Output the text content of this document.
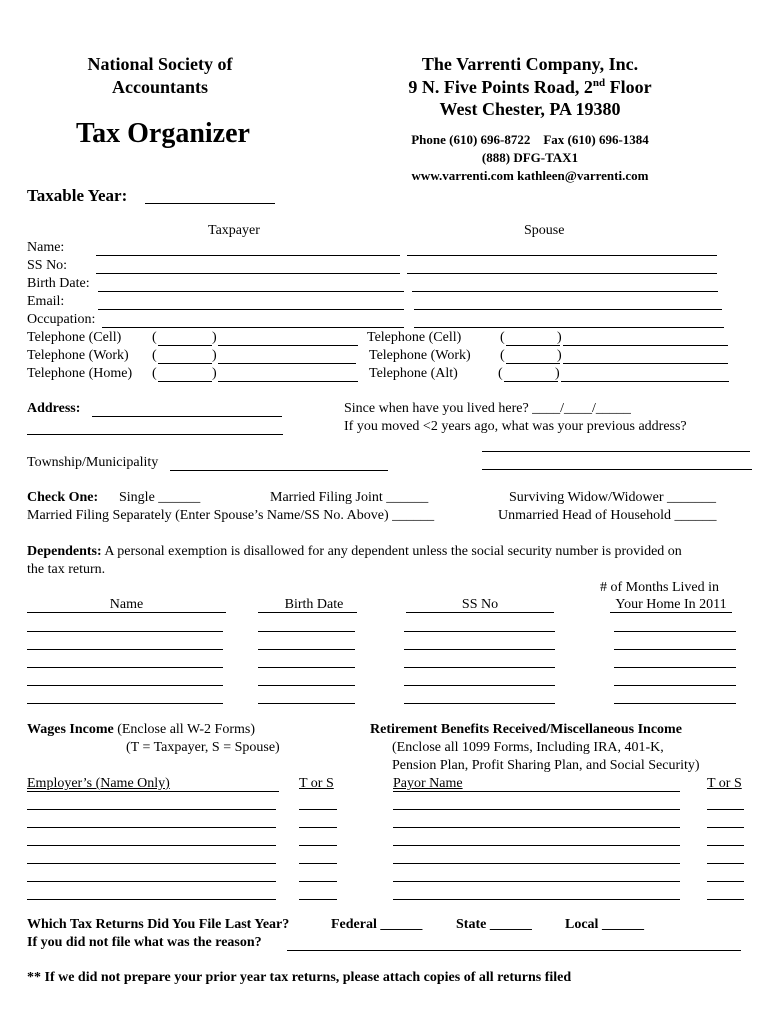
National Society of
Accountants
Tax Organizer
The Varrenti Company, Inc.
9 N. Five Points Road, 2nd Floor
West Chester, PA 19380
Phone (610) 696-8722    Fax (610) 696-1384
(888) DFG-TAX1
www.varrenti.com kathleen@varrenti.com
Taxable Year:
Taxpayer	Spouse
Name:
SS No:
Birth Date:
Email:
Occupation:
Telephone (Cell) (	)	Telephone (Cell)	(	)
Telephone (Work) (	)	Telephone (Work) (	)
Telephone (Home) (	)	Telephone (Alt)	(	)
Address:	Since when have you lived here? ____/____/_____
If you moved <2 years ago, what was your previous address?
Township/Municipality
Check One: Single ______	Married Filing Joint ______	Surviving Widow/Widower _______
Married Filing Separately (Enter Spouse’s Name/SS No. Above) ______	Unmarried Head of Household ______
Dependents: A personal exemption is disallowed for any dependent unless the social security number is provided on
the tax return.
# of Months Lived in
Name	Birth Date	SS No	Your Home In 2011
Wages Income (Enclose all W-2 Forms)
(T = Taxpayer, S = Spouse)
Employer’s (Name Only)	T or S
Retirement Benefits Received/Miscellaneous Income
(Enclose all 1099 Forms, Including IRA, 401-K,
Pension Plan, Profit Sharing Plan, and Social Security)
Payor Name	T or S
Which Tax Returns Did You File Last Year?	Federal ______ State ______ Local ______
If you did not file what was the reason?
** If we did not prepare your prior year tax returns, please attach copies of all returns filed
